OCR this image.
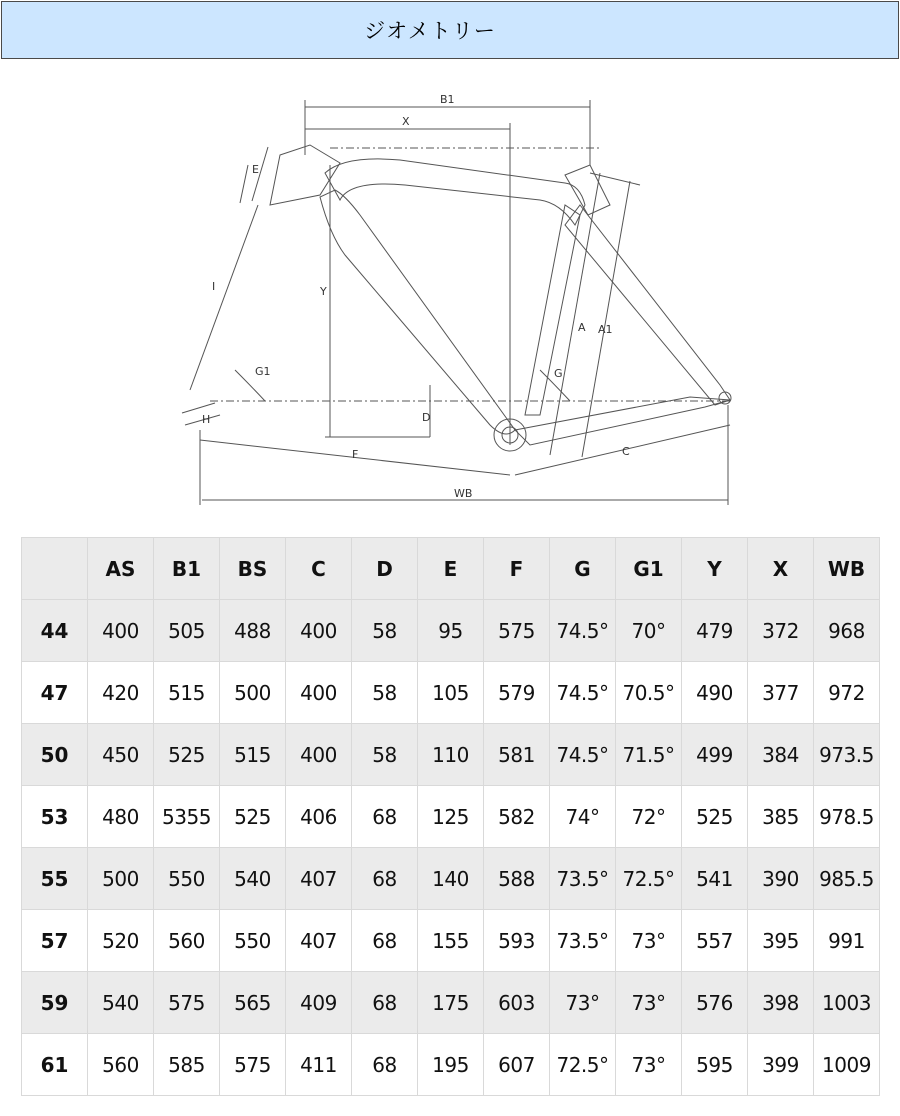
ジオメトリー
B1
X
E
Y
I
G1
H	D
F
A A1
G
C
WB
	AS	B1	BS	C	D	E	F	G	G1	Y	X	WB
44	400	505	488	400	58	95	575	74.5°	70°	479	372	968
47	420	515	500	400	58	105	579	74.5°	70.5°	490	377	972
50	450	525	515	400	58	110	581	74.5°	71.5°	499	384	973.5
53	480	5355	525	406	68	125	582	74°	72°	525	385	978.5
55	500	550	540	407	68	140	588	73.5°	72.5°	541	390	985.5
57	520	560	550	407	68	155	593	73.5°	73°	557	395	991
59	540	575	565	409	68	175	603	73°	73°	576	398	1003
61	560	585	575	411	68	195	607	72.5°	73°	595	399	1009
